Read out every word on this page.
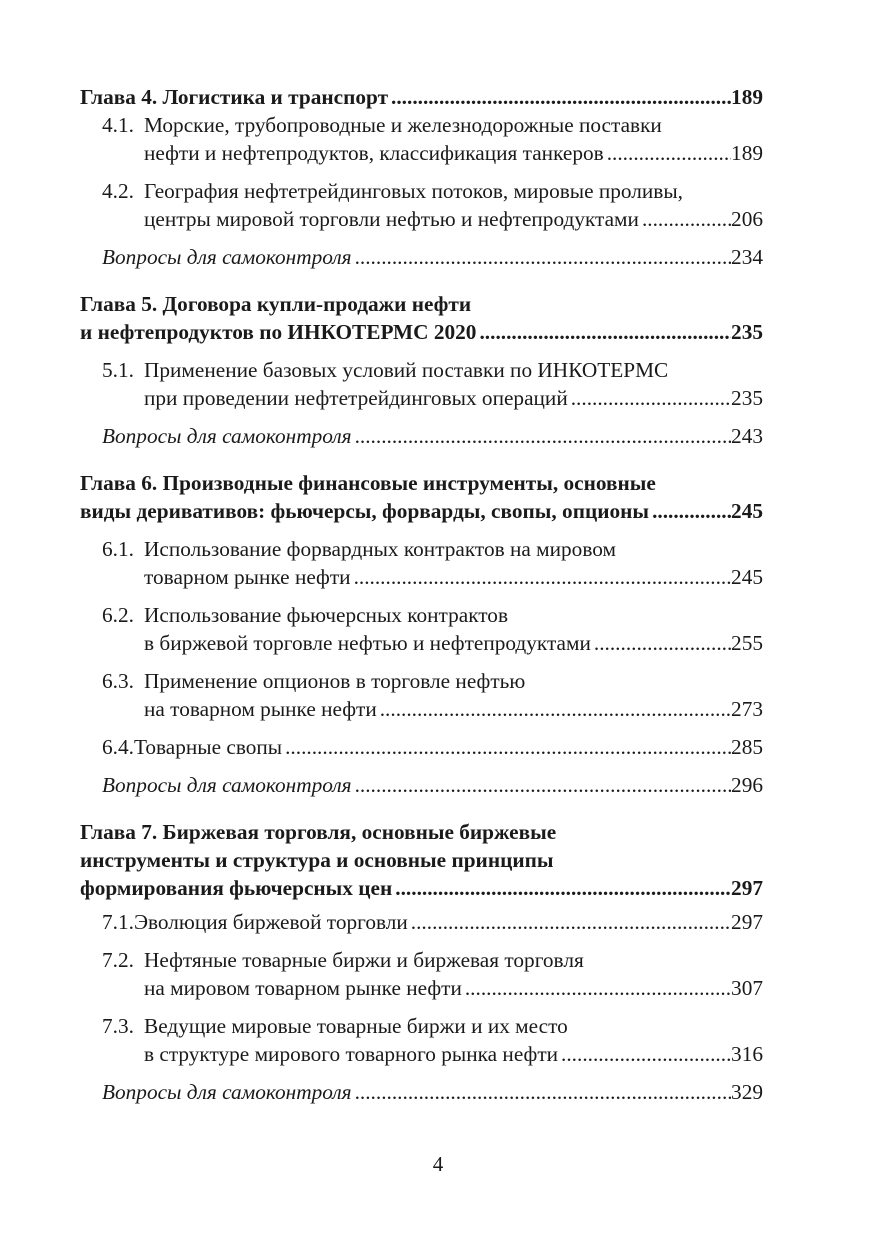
Глава 4. Логистика и транспорт .....	189
4.1. Морские, трубопроводные и железнодорожные поставки
нефти и нефтепродуктов, классификация танкеров .....	189
4.2. География нефтетрейдинговых потоков, мировые проливы,
центры мировой торговли нефтью и нефтепродуктами .....	206
Вопросы для самоконтроля .....	234
Глава 5. Договора купли-продажи нефти
и нефтепродуктов по ИНКОТЕРМС 2020 .....	235
5.1. Применение базовых условий поставки по ИНКОТЕРМС
при проведении нефтетрейдинговых операций .....	235
Вопросы для самоконтроля .....	243
Глава 6. Производные финансовые инструменты, основные
виды деривативов: фьючерсы, форварды, свопы, опционы .....	245
6.1. Использование форвардных контрактов на мировом
товарном рынке нефти .....	245
6.2. Использование фьючерсных контрактов
в биржевой торговле нефтью и нефтепродуктами .....	255
6.3. Применение опционов в торговле нефтью
на товарном рынке нефти .....	273
6.4. Товарные свопы .....	285
Вопросы для самоконтроля .....	296
Глава 7. Биржевая торговля, основные биржевые
инструменты и структура и основные принципы
формирования фьючерсных цен .....	297
7.1. Эволюция биржевой торговли .....	297
7.2. Нефтяные товарные биржи и биржевая торговля
на мировом товарном рынке нефти .....	307
7.3. Ведущие мировые товарные биржи и их место
в структуре мирового товарного рынка нефти .....	316
Вопросы для самоконтроля .....	329
4
